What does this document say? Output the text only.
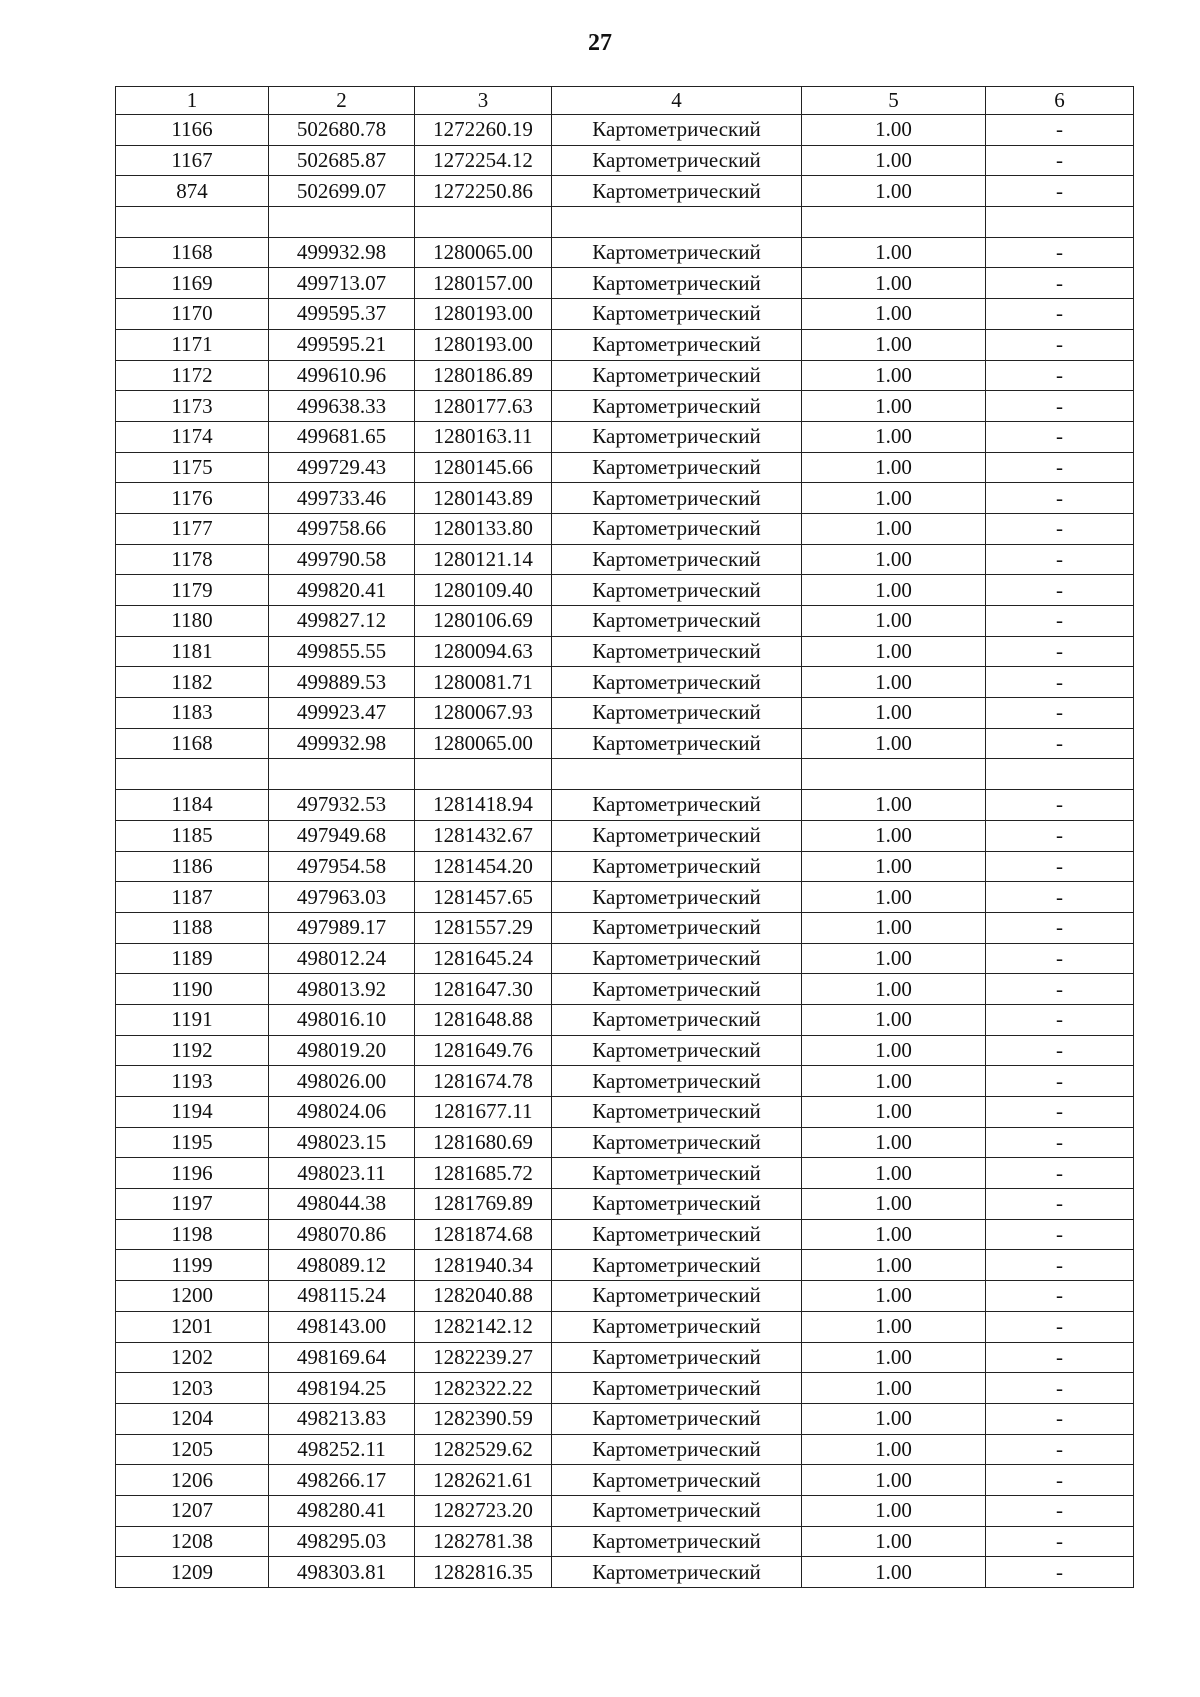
27
1	2	3	4	5	6
1166	502680.78	1272260.19	Картометрический	1.00	-
1167	502685.87	1272254.12	Картометрический	1.00	-
874	502699.07	1272250.86	Картометрический	1.00	-

1168	499932.98	1280065.00	Картометрический	1.00	-
1169	499713.07	1280157.00	Картометрический	1.00	-
1170	499595.37	1280193.00	Картометрический	1.00	-
1171	499595.21	1280193.00	Картометрический	1.00	-
1172	499610.96	1280186.89	Картометрический	1.00	-
1173	499638.33	1280177.63	Картометрический	1.00	-
1174	499681.65	1280163.11	Картометрический	1.00	-
1175	499729.43	1280145.66	Картометрический	1.00	-
1176	499733.46	1280143.89	Картометрический	1.00	-
1177	499758.66	1280133.80	Картометрический	1.00	-
1178	499790.58	1280121.14	Картометрический	1.00	-
1179	499820.41	1280109.40	Картометрический	1.00	-
1180	499827.12	1280106.69	Картометрический	1.00	-
1181	499855.55	1280094.63	Картометрический	1.00	-
1182	499889.53	1280081.71	Картометрический	1.00	-
1183	499923.47	1280067.93	Картометрический	1.00	-
1168	499932.98	1280065.00	Картометрический	1.00	-

1184	497932.53	1281418.94	Картометрический	1.00	-
1185	497949.68	1281432.67	Картометрический	1.00	-
1186	497954.58	1281454.20	Картометрический	1.00	-
1187	497963.03	1281457.65	Картометрический	1.00	-
1188	497989.17	1281557.29	Картометрический	1.00	-
1189	498012.24	1281645.24	Картометрический	1.00	-
1190	498013.92	1281647.30	Картометрический	1.00	-
1191	498016.10	1281648.88	Картометрический	1.00	-
1192	498019.20	1281649.76	Картометрический	1.00	-
1193	498026.00	1281674.78	Картометрический	1.00	-
1194	498024.06	1281677.11	Картометрический	1.00	-
1195	498023.15	1281680.69	Картометрический	1.00	-
1196	498023.11	1281685.72	Картометрический	1.00	-
1197	498044.38	1281769.89	Картометрический	1.00	-
1198	498070.86	1281874.68	Картометрический	1.00	-
1199	498089.12	1281940.34	Картометрический	1.00	-
1200	498115.24	1282040.88	Картометрический	1.00	-
1201	498143.00	1282142.12	Картометрический	1.00	-
1202	498169.64	1282239.27	Картометрический	1.00	-
1203	498194.25	1282322.22	Картометрический	1.00	-
1204	498213.83	1282390.59	Картометрический	1.00	-
1205	498252.11	1282529.62	Картометрический	1.00	-
1206	498266.17	1282621.61	Картометрический	1.00	-
1207	498280.41	1282723.20	Картометрический	1.00	-
1208	498295.03	1282781.38	Картометрический	1.00	-
1209	498303.81	1282816.35	Картометрический	1.00	-
